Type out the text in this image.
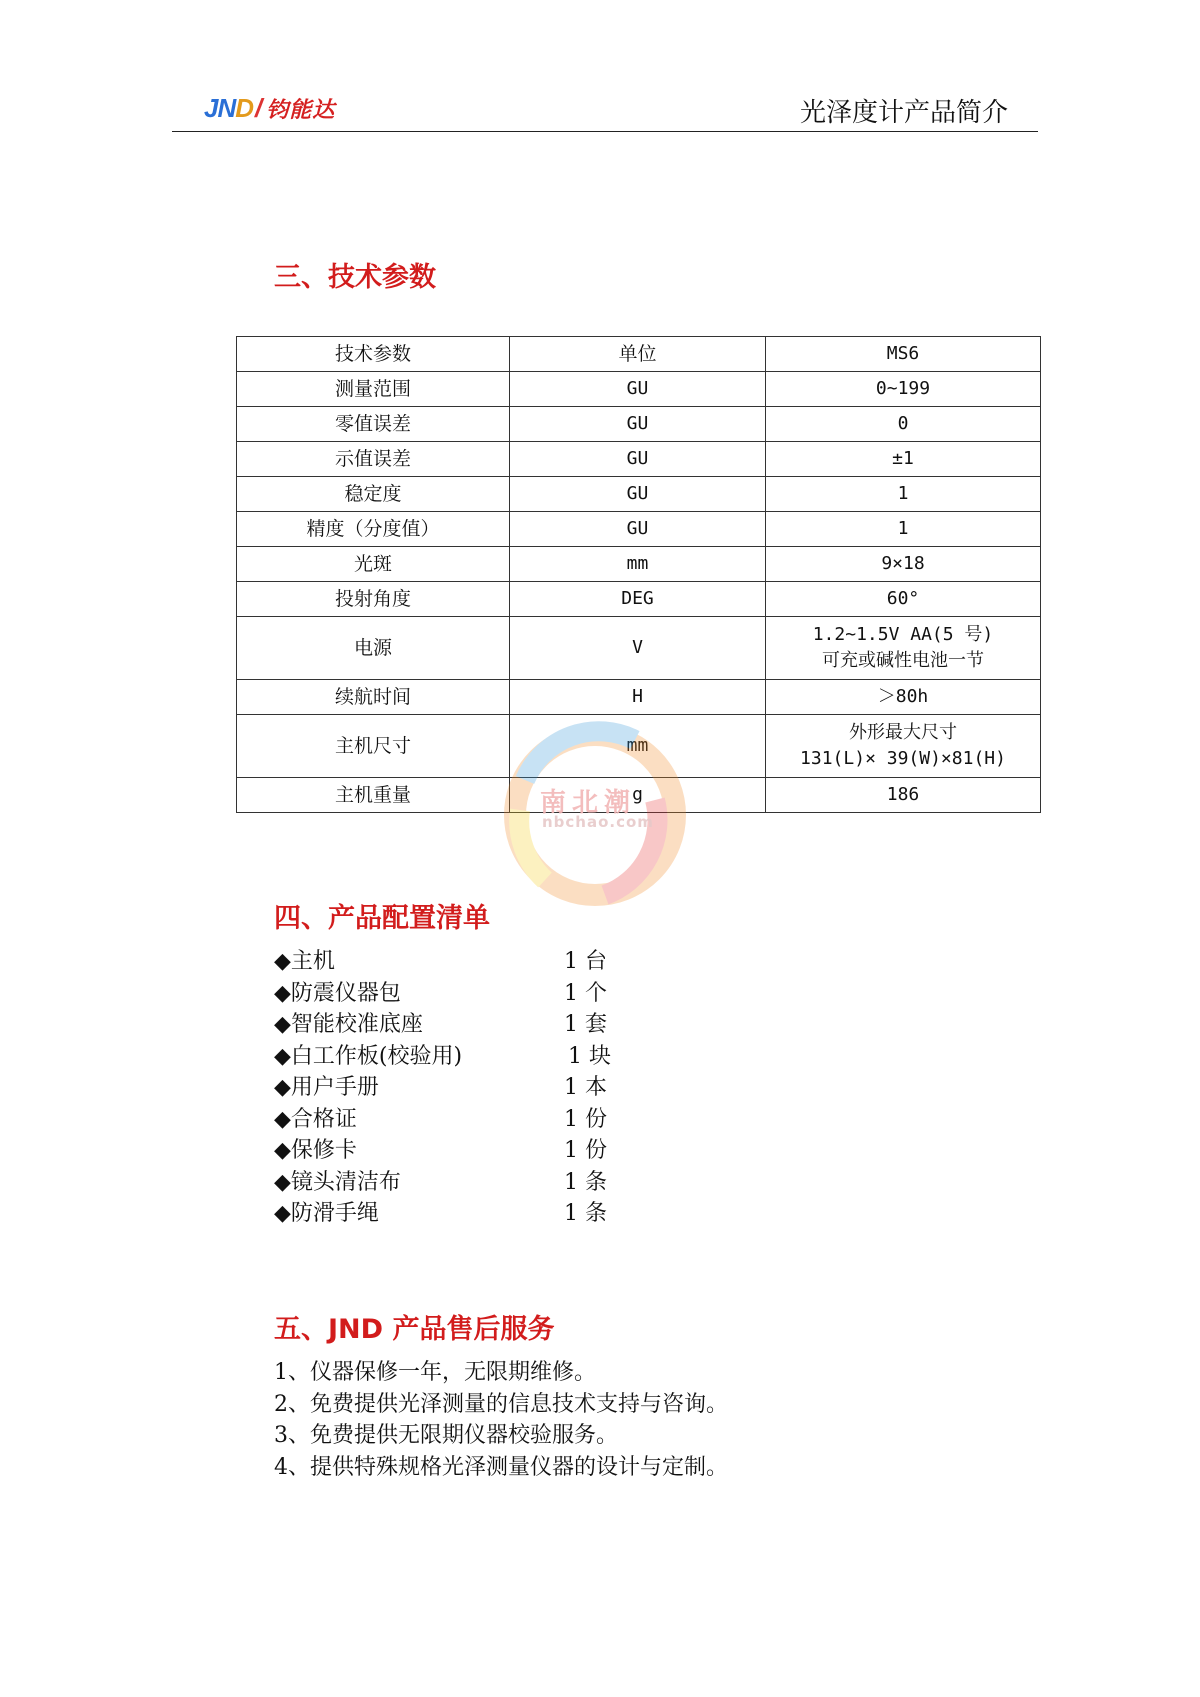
JND / 钧能达	光泽度计产品简介
三、技术参数
技术参数	单位	MS6
测量范围	GU	0~199
零值误差	GU	0
示值误差	GU	±1
稳定度	GU	1
精度（分度值）	GU	1
光斑	mm	9×18
投射角度	DEG	60°
电源	V	1.2~1.5V AA(5 号)
可充或碱性电池一节

续航时间	H	＞80h
主机尺寸	mm	外形最大尺寸
131(L)× 39(W)×81(H)

主机重量	g	186
南北潮
nbchao.com
四、产品配置清单
◆主机	1 台
◆防震仪器包	1 个
◆智能校准底座	1 套
◆白工作板(校验用)	1 块
◆用户手册	1 本
◆合格证	1 份
◆保修卡	1 份
◆镜头清洁布	1 条
◆防滑手绳	1 条
五、JND 产品售后服务
1、仪器保修一年，无限期维修。
2、免费提供光泽测量的信息技术支持与咨询。
3、免费提供无限期仪器校验服务。
4、提供特殊规格光泽测量仪器的设计与定制。
